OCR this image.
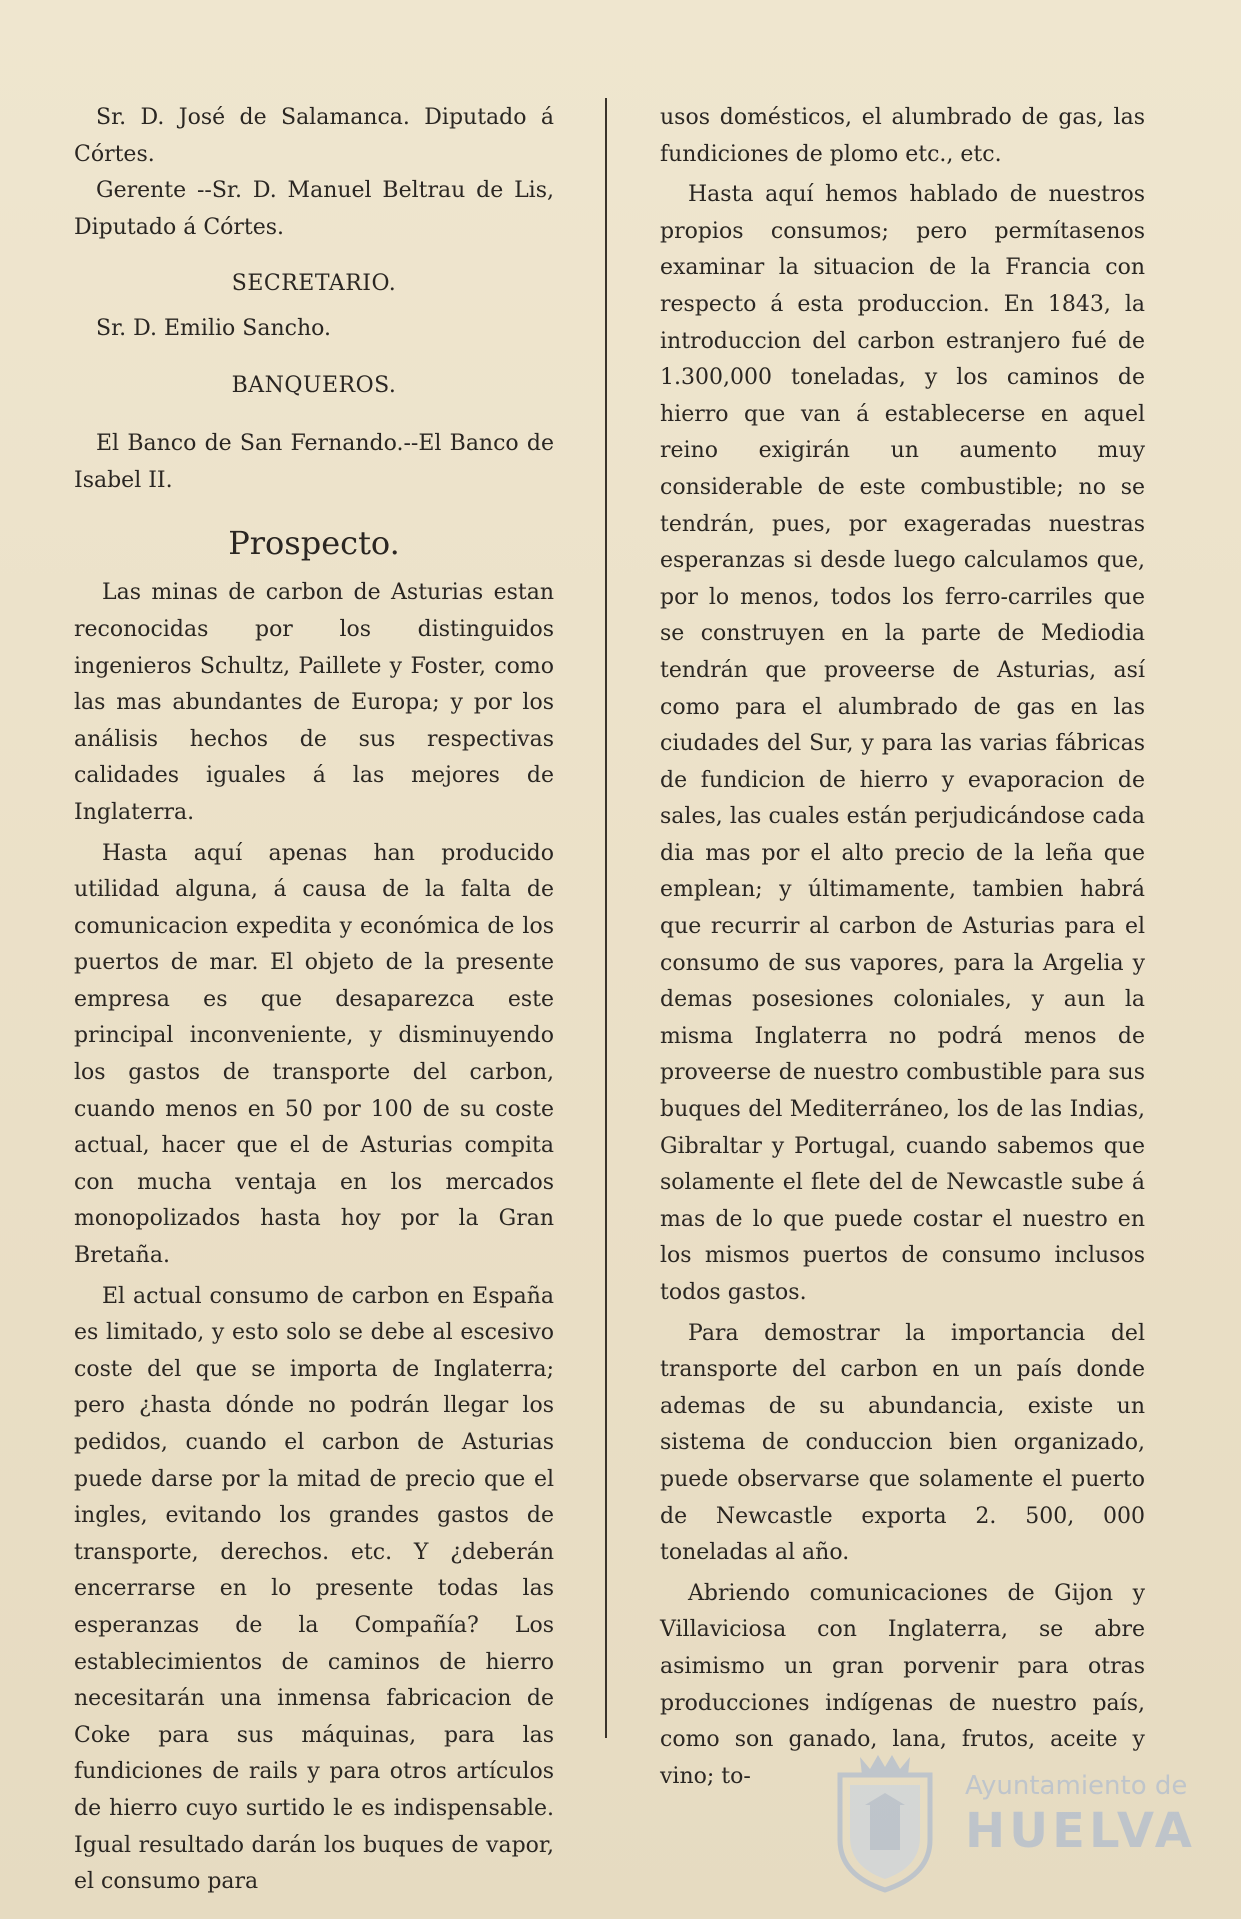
Sr. D. José de Salamanca. Diputado á Córtes.

Gerente --Sr. D. Manuel Beltrau de Lis, Diputado á Córtes.

SECRETARIO.

Sr. D. Emilio Sancho.

BANQUEROS.

El Banco de San Fernando.--El Banco de Isabel II.

Prospecto.

Las minas de carbon de Asturias estan reconocidas por los distinguidos ingenieros Schultz, Paillete y Foster, como las mas abundantes de Europa; y por los análisis hechos de sus respectivas calidades iguales á las mejores de Inglaterra.

Hasta aquí apenas han producido utilidad alguna, á causa de la falta de comunicacion expedita y económica de los puertos de mar. El objeto de la presente empresa es que desaparezca este principal inconveniente, y disminuyendo los gastos de transporte del carbon, cuando menos en 50 por 100 de su coste actual, hacer que el de Asturias compita con mucha ventaja en los mercados monopolizados hasta hoy por la Gran Bretaña.

El actual consumo de carbon en España es limitado, y esto solo se debe al escesivo coste del que se importa de Inglaterra; pero ¿hasta dónde no podrán llegar los pedidos, cuando el carbon de Asturias puede darse por la mitad de precio que el ingles, evitando los grandes gastos de transporte, derechos. etc. Y ¿deberán encerrarse en lo presente todas las esperanzas de la Compañía? Los establecimientos de caminos de hierro necesitarán una inmensa fabricacion de Coke para sus máquinas, para las fundiciones de rails y para otros artículos de hierro cuyo surtido le es indispensable. Igual resultado darán los buques de vapor, el consumo para

usos domésticos, el alumbrado de gas, las fundiciones de plomo etc., etc.

Hasta aquí hemos hablado de nuestros propios consumos; pero permítasenos examinar la situacion de la Francia con respecto á esta produccion. En 1843, la introduccion del carbon estranjero fué de 1.300,000 toneladas, y los caminos de hierro que van á establecerse en aquel reino exigirán un aumento muy considerable de este combustible; no se tendrán, pues, por exageradas nuestras esperanzas si desde luego calculamos que, por lo menos, todos los ferro-carriles que se construyen en la parte de Mediodia tendrán que proveerse de Asturias, así como para el alumbrado de gas en las ciudades del Sur, y para las varias fábricas de fundicion de hierro y evaporacion de sales, las cuales están perjudicándose cada dia mas por el alto precio de la leña que emplean; y últimamente, tambien habrá que recurrir al carbon de Asturias para el consumo de sus vapores, para la Argelia y demas posesiones coloniales, y aun la misma Inglaterra no podrá menos de proveerse de nuestro combustible para sus buques del Mediterráneo, los de las Indias, Gibraltar y Portugal, cuando sabemos que solamente el flete del de Newcastle sube á mas de lo que puede costar el nuestro en los mismos puertos de consumo inclusos todos gastos.

Para demostrar la importancia del transporte del carbon en un país donde ademas de su abundancia, existe un sistema de conduccion bien organizado, puede observarse que solamente el puerto de Newcastle exporta 2. 500, 000 toneladas al año.

Abriendo comunicaciones de Gijon y Villaviciosa con Inglaterra, se abre asimismo un gran porvenir para otras producciones indígenas de nuestro país, como son ganado, lana, frutos, aceite y vino; to-	Ayuntamiento de
HUELVA
